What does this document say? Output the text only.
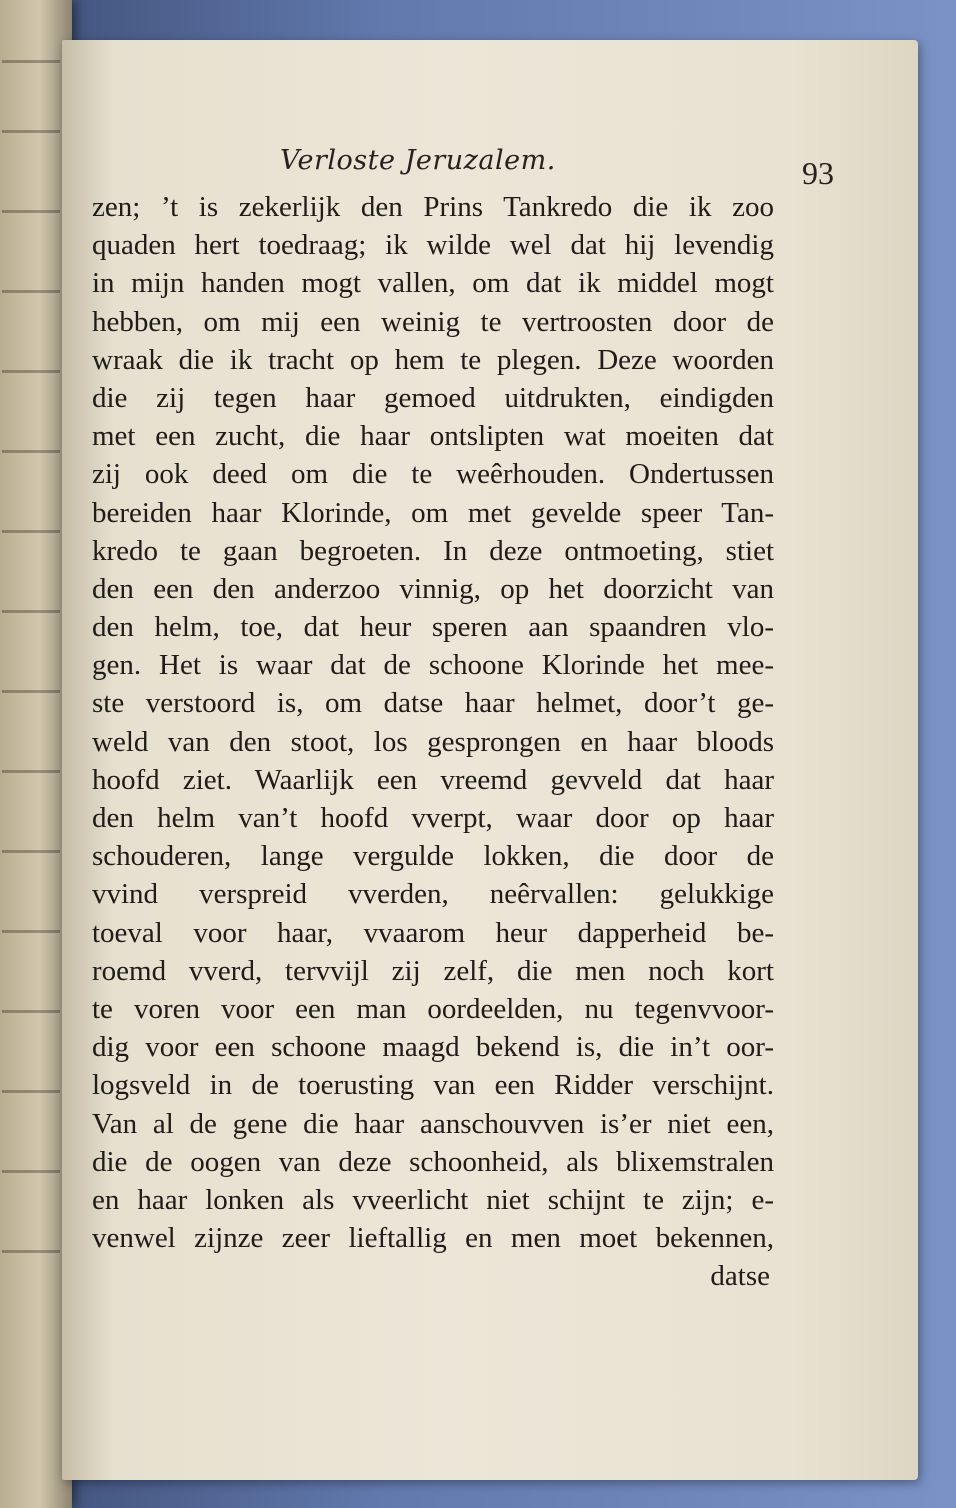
Verloste Jeruzalem.	93
zen; ’t is zekerlijk den Prins Tankredo die ik zoo
quaden hert toedraag; ik wilde wel dat hij levendig
in mijn handen mogt vallen, om dat ik middel mogt
hebben, om mij een weinig te vertroosten door de
wraak die ik tracht op hem te plegen. Deze woorden
die zij tegen haar gemoed uitdrukten, eindigden
met een zucht, die haar ontslipten wat moeiten dat
zij ook deed om die te weêrhouden. Ondertussen
bereiden haar Klorinde, om met gevelde speer Tan-
kredo te gaan begroeten. In deze ontmoeting, stiet
den een den anderzoo vinnig, op het doorzicht van
den helm, toe, dat heur speren aan spaandren vlo-
gen. Het is waar dat de schoone Klorinde het mee-
ste verstoord is, om datse haar helmet, door’t ge-
weld van den stoot, los gesprongen en haar bloods
hoofd ziet. Waarlijk een vreemd gevveld dat haar
den helm van’t hoofd vverpt, waar door op haar
schouderen, lange vergulde lokken, die door de
vvind verspreid vverden, neêrvallen: gelukkige
toeval voor haar, vvaarom heur dapperheid be-
roemd vverd, tervvijl zij zelf, die men noch kort
te voren voor een man oordeelden, nu tegenvvoor-
dig voor een schoone maagd bekend is, die in’t oor-
logsveld in de toerusting van een Ridder verschijnt.
Van al de gene die haar aanschouvven is’er niet een,
die de oogen van deze schoonheid, als blixemstralen
en haar lonken als vveerlicht niet schijnt te zijn; e-
venwel zijnze zeer lieftallig en men moet bekennen,
datse
